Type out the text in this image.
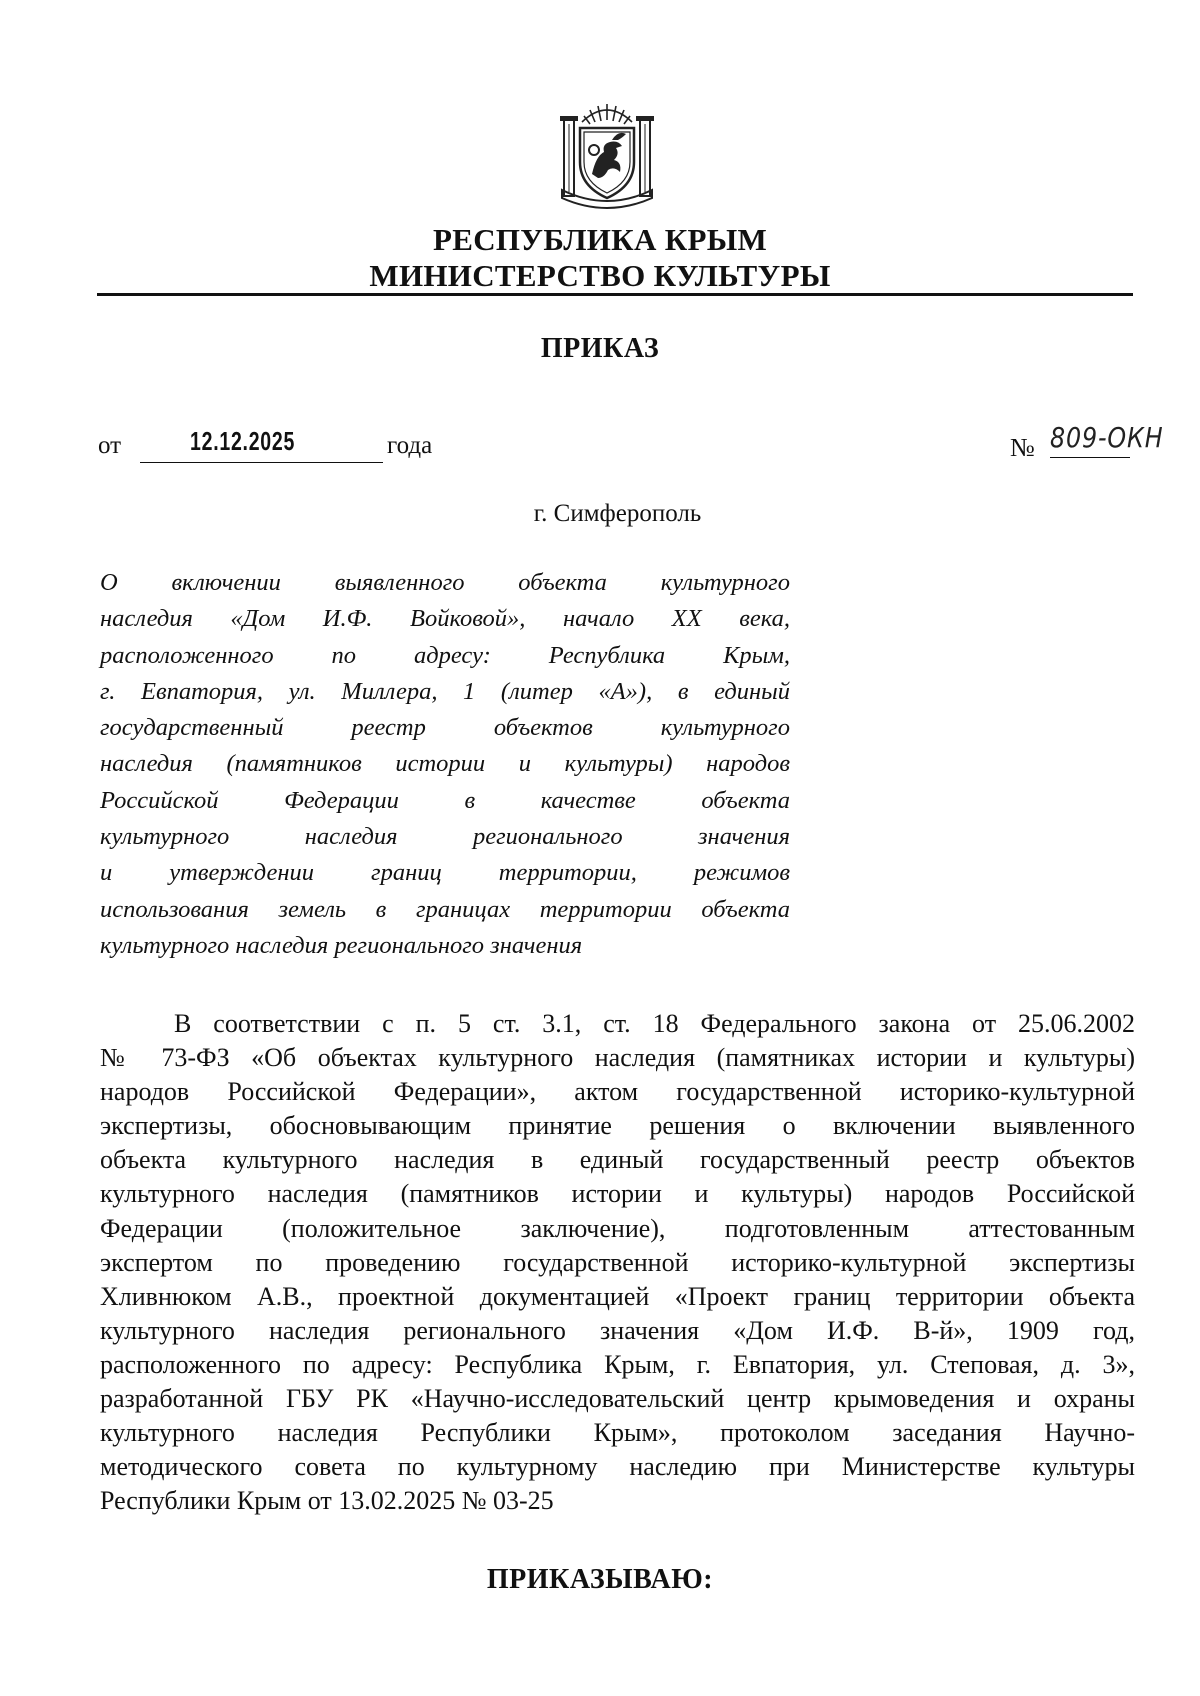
РЕСПУБЛИКА КРЫМ
МИНИСТЕРСТВО КУЛЬТУРЫ
ПРИКАЗ
от	12.12.2025	года	№ 809-ОКН
г. Симферополь
О включении выявленного объекта культурного
наследия «Дом И.Ф. Войковой», начало XX века,
расположенного по адресу: Республика Крым,
г. Евпатория, ул. Миллера, 1 (литер «А»), в единый
государственный реестр объектов культурного
наследия (памятников истории и культуры) народов
Российской Федерации в качестве объекта
культурного наследия регионального значения
и утверждении границ территории, режимов
использования земель в границах территории объекта
культурного наследия регионального значения
В соответствии с п. 5 ст. 3.1, ст. 18 Федерального закона от 25.06.2002
№ 73-ФЗ «Об объектах культурного наследия (памятниках истории и культуры)
народов Российской Федерации», актом государственной историко-культурной
экспертизы, обосновывающим принятие решения о включении выявленного
объекта культурного наследия в единый государственный реестр объектов
культурного наследия (памятников истории и культуры) народов Российской
Федерации (положительное заключение), подготовленным аттестованным
экспертом по проведению государственной историко-культурной экспертизы
Хливнюком А.В., проектной документацией «Проект границ территории объекта
культурного наследия регионального значения «Дом И.Ф. В-й», 1909 год,
расположенного по адресу: Республика Крым, г. Евпатория, ул. Степовая, д. 3»,
разработанной ГБУ РК «Научно-исследовательский центр крымоведения и охраны
культурного наследия Республики Крым», протоколом заседания Научно-
методического совета по культурному наследию при Министерстве культуры
Республики Крым от 13.02.2025 № 03-25
ПРИКАЗЫВАЮ:
